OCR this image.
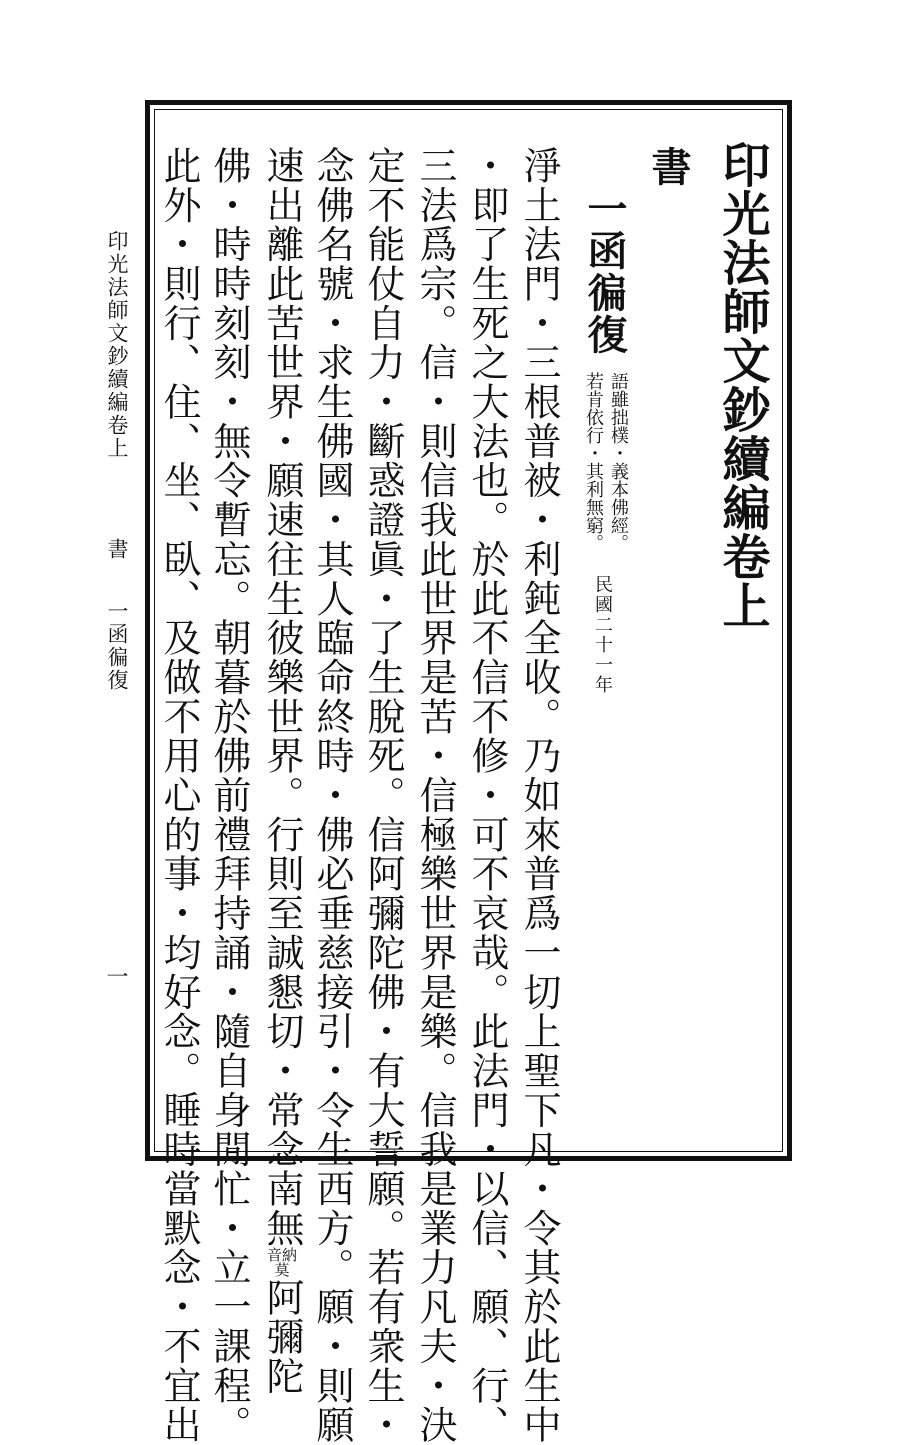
印光法師文鈔續編卷上
書
一函徧復
一
印光法師文鈔續編卷上
書
一函徧復
語雖拙樸・義本佛經。
若肯依行・其利無窮。
民國二十一年
淨土法門・三根普被・利鈍全收。乃如來普爲一切上聖下凡・令其於此生中
・即了生死之大法也。於此不信不修・可不哀哉。此法門・以信、願、行、
三法爲宗。信・則信我此世界是苦・信極樂世界是樂。信我是業力凡夫・決
定不能仗自力・斷惑證眞・了生脫死。信阿彌陀佛・有大誓願。若有衆生・
念佛名號・求生佛國・其人臨命終時・佛必垂慈接引・令生西方。願・則願
速出離此苦世界・願速往生彼樂世界。行則至誠懇切・常念南無
音納
莫
阿彌陀
佛・時時刻刻・無令暫忘。朝暮於佛前禮拜持誦・隨自身閒忙・立一課程。
此外・則行、住、坐、臥、及做不用心的事・均好念。睡時當默念・不宜出
